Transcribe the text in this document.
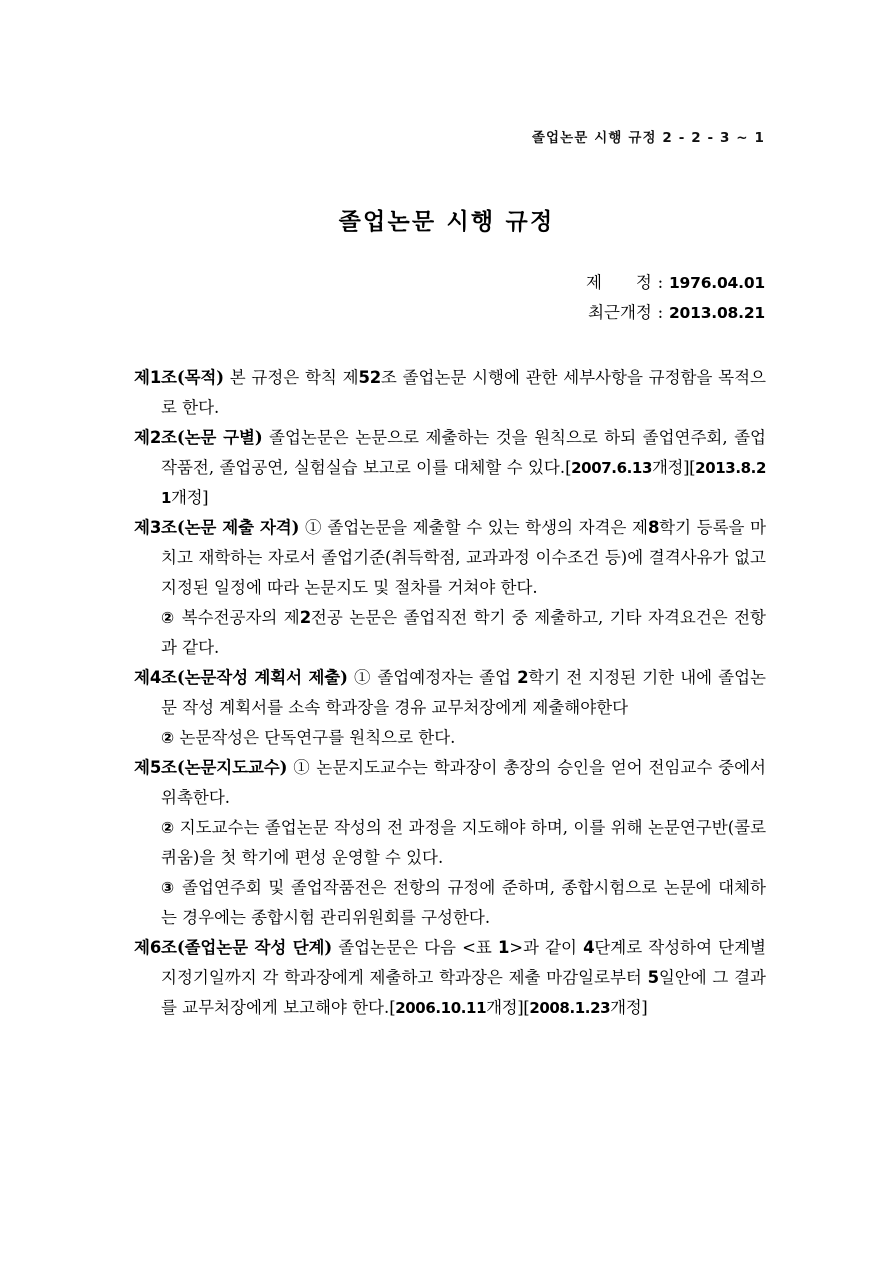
졸업논문 시행 규정 2 - 2 - 3 ~ 1
졸업논문 시행 규정
제 정 : 1976.04.01
최근개정 : 2013.08.21

제1조(목적) 본 규정은 학칙 제52조 졸업논문 시행에 관한 세부사항을 규정함을 목적으로 한다.

제2조(논문 구별) 졸업논문은 논문으로 제출하는 것을 원칙으로 하되 졸업연주회, 졸업작품전, 졸업공연, 실험실습 보고로 이를 대체할 수 있다.[2007.6.13개정][2013.8.21개정]

제3조(논문 제출 자격) ① 졸업논문을 제출할 수 있는 학생의 자격은 제8학기 등록을 마치고 재학하는 자로서 졸업기준(취득학점, 교과과정 이수조건 등)에 결격사유가 없고 지정된 일정에 따라 논문지도 및 절차를 거쳐야 한다.

② 복수전공자의 제2전공 논문은 졸업직전 학기 중 제출하고, 기타 자격요건은 전항과 같다.

제4조(논문작성 계획서 제출) ① 졸업예정자는 졸업 2학기 전 지정된 기한 내에 졸업논문 작성 계획서를 소속 학과장을 경유 교무처장에게 제출해야한다

② 논문작성은 단독연구를 원칙으로 한다.

제5조(논문지도교수) ① 논문지도교수는 학과장이 총장의 승인을 얻어 전임교수 중에서 위촉한다.

② 지도교수는 졸업논문 작성의 전 과정을 지도해야 하며, 이를 위해 논문연구반(콜로퀴움)을 첫 학기에 편성 운영할 수 있다.

③ 졸업연주회 및 졸업작품전은 전항의 규정에 준하며, 종합시험으로 논문에 대체하는 경우에는 종합시험 관리위원회를 구성한다.

제6조(졸업논문 작성 단계) 졸업논문은 다음 <표 1>과 같이 4단계로 작성하여 단계별 지정기일까지 각 학과장에게 제출하고 학과장은 제출 마감일로부터 5일안에 그 결과를 교무처장에게 보고해야 한다.[2006.10.11개정][2008.1.23개정]
